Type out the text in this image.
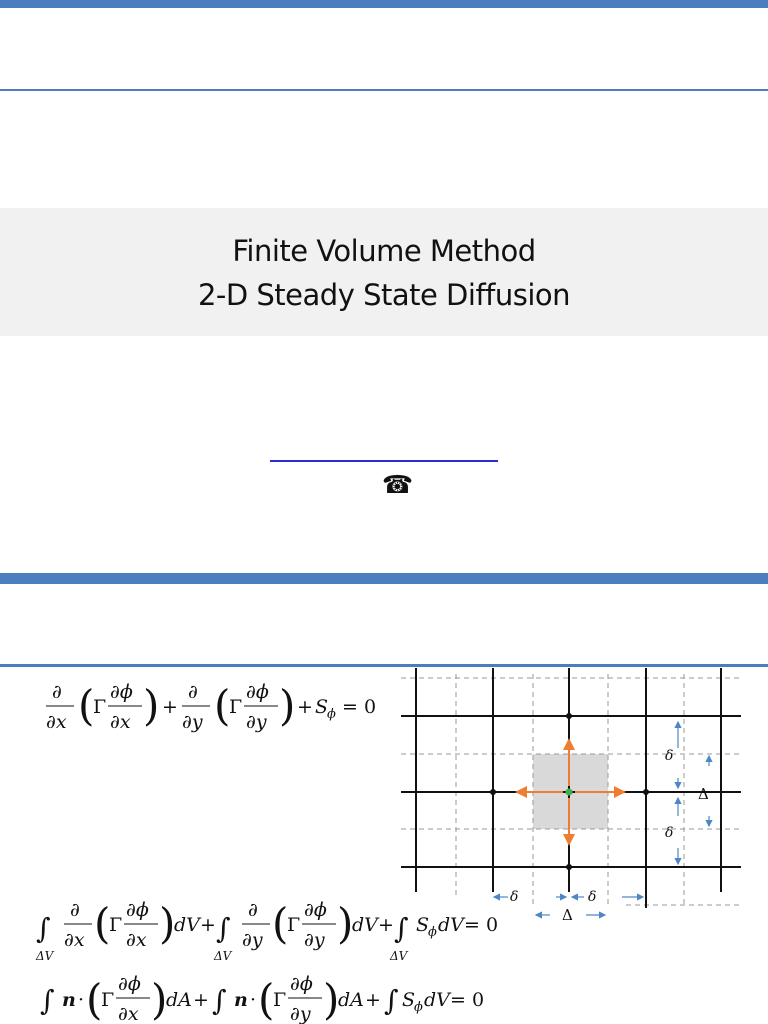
Finite Volume Method
2-D Steady State Diffusion
☎
∂
∂x (
Γ
∂ϕ
∂x ) +
∂
∂y (
Γ
∂ϕ
∂y ) + S
ϕ = 0
∫
ΔV
∂
∂x (
Γ
∂ϕ
∂x )
dV + ∫
ΔV
∂
∂y (
Γ
∂ϕ
∂y )
dV + ∫
ΔV
S
ϕ dV = 0
∫ n · (
Γ
∂ϕ
∂x )
dA + ∫ n · (
Γ
∂ϕ
∂y )
dA + ∫ S
ϕ dV = 0
δ
δ
δ	δ
Δ
Δ
